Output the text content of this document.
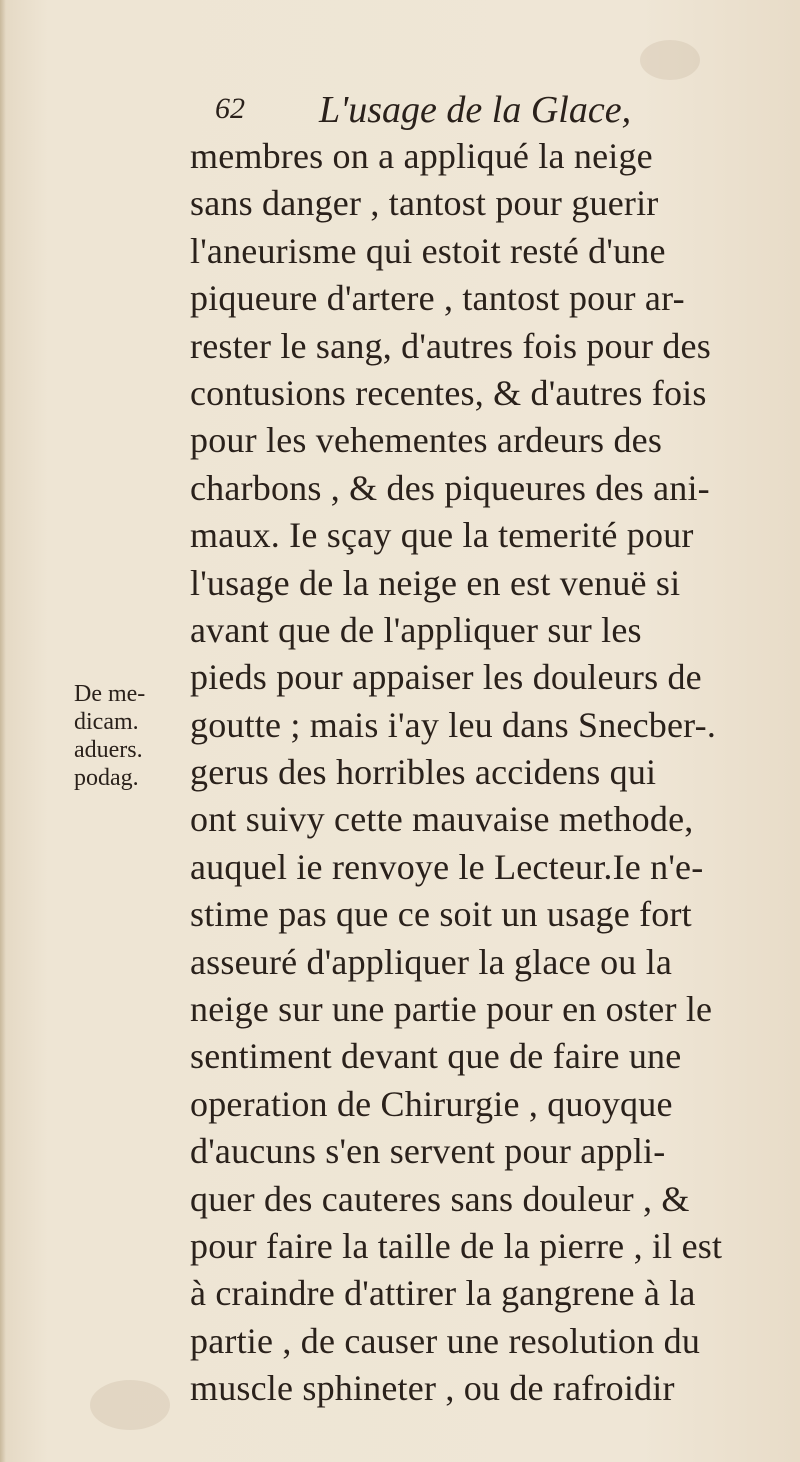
62 L'usage de la Glace,
De me-
dicam.
aduers.
podag.
membres on a appliqué la neige
sans danger , tantost pour guerir
l'aneurisme qui estoit resté d'une
piqueure d'artere , tantost pour ar-
rester le sang, d'autres fois pour des
contusions recentes, & d'autres fois
pour les vehementes ardeurs des
charbons , & des piqueures des ani-
maux. Ie sçay que la temerité pour
l'usage de la neige en est venuë si
avant que de l'appliquer sur les
pieds pour appaiser les douleurs de
goutte ; mais i'ay leu dans Snecber-.
gerus des horribles accidens qui
ont suivy cette mauvaise methode,
auquel ie renvoye le Lecteur.Ie n'e-
stime pas que ce soit un usage fort
asseuré d'appliquer la glace ou la
neige sur une partie pour en oster le
sentiment devant que de faire une
operation de Chirurgie , quoyque
d'aucuns s'en servent pour appli-
quer des cauteres sans douleur , &
pour faire la taille de la pierre , il est
à craindre d'attirer la gangrene à la
partie , de causer une resolution du
muscle sphineter , ou de rafroidir
